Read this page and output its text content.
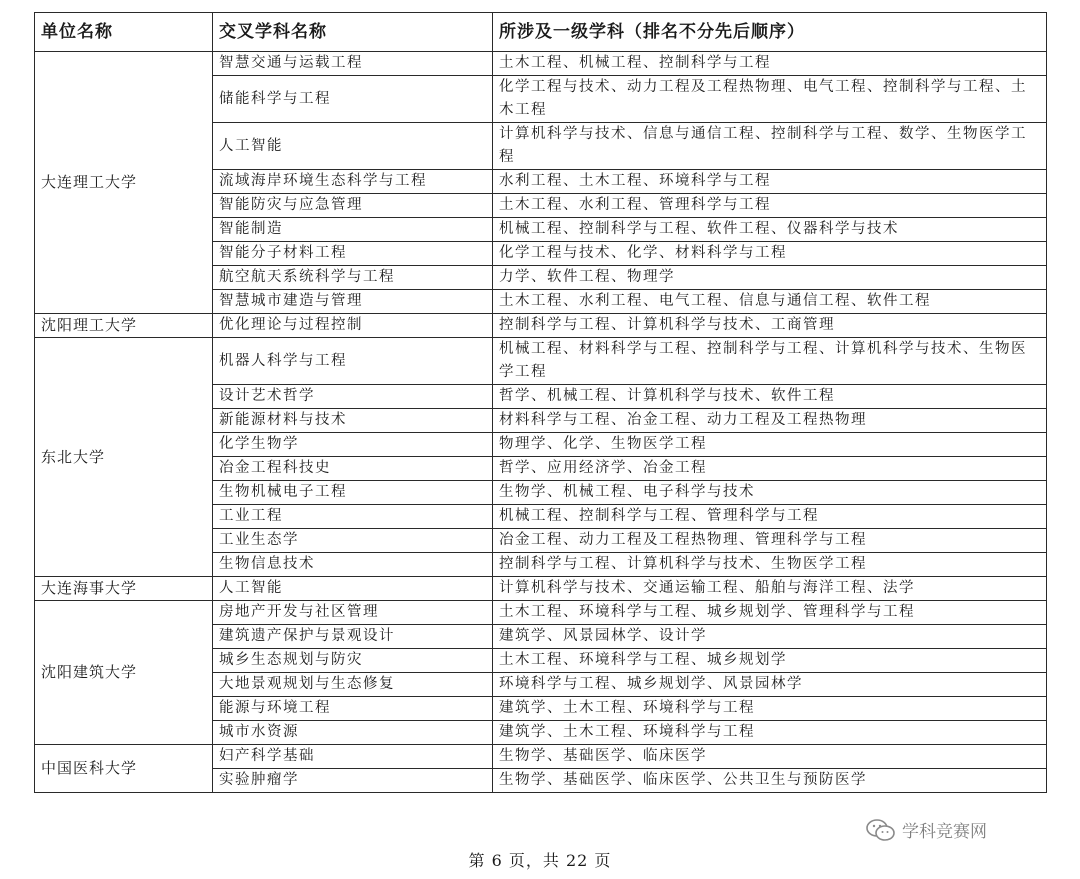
单位名称	交叉学科名称	所涉及一级学科（排名不分先后顺序）
大连理工大学	智慧交通与运载工程	土木工程、机械工程、控制科学与工程
	储能科学与工程	化学工程与技术、动力工程及工程热物理、电气工程、控制科学与工程、土木工程
	人工智能	计算机科学与技术、信息与通信工程、控制科学与工程、数学、生物医学工程
	流域海岸环境生态科学与工程	水利工程、土木工程、环境科学与工程
	智能防灾与应急管理	土木工程、水利工程、管理科学与工程
	智能制造	机械工程、控制科学与工程、软件工程、仪器科学与技术
	智能分子材料工程	化学工程与技术、化学、材料科学与工程
	航空航天系统科学与工程	力学、软件工程、物理学
	智慧城市建造与管理	土木工程、水利工程、电气工程、信息与通信工程、软件工程
沈阳理工大学	优化理论与过程控制	控制科学与工程、计算机科学与技术、工商管理
东北大学	机器人科学与工程	机械工程、材料科学与工程、控制科学与工程、计算机科学与技术、生物医学工程
	设计艺术哲学	哲学、机械工程、计算机科学与技术、软件工程
	新能源材料与技术	材料科学与工程、冶金工程、动力工程及工程热物理
	化学生物学	物理学、化学、生物医学工程
	冶金工程科技史	哲学、应用经济学、冶金工程
	生物机械电子工程	生物学、机械工程、电子科学与技术
	工业工程	机械工程、控制科学与工程、管理科学与工程
	工业生态学	冶金工程、动力工程及工程热物理、管理科学与工程
	生物信息技术	控制科学与工程、计算机科学与技术、生物医学工程
大连海事大学	人工智能	计算机科学与技术、交通运输工程、船舶与海洋工程、法学
沈阳建筑大学	房地产开发与社区管理	土木工程、环境科学与工程、城乡规划学、管理科学与工程
	建筑遗产保护与景观设计	建筑学、风景园林学、设计学
	城乡生态规划与防灾	土木工程、环境科学与工程、城乡规划学
	大地景观规划与生态修复	环境科学与工程、城乡规划学、风景园林学
	能源与环境工程	建筑学、土木工程、环境科学与工程
	城市水资源	建筑学、土木工程、环境科学与工程
中国医科大学	妇产科学基础	生物学、基础医学、临床医学
	实验肿瘤学	生物学、基础医学、临床医学、公共卫生与预防医学
学科竞赛网
第 6 页，共 22 页
